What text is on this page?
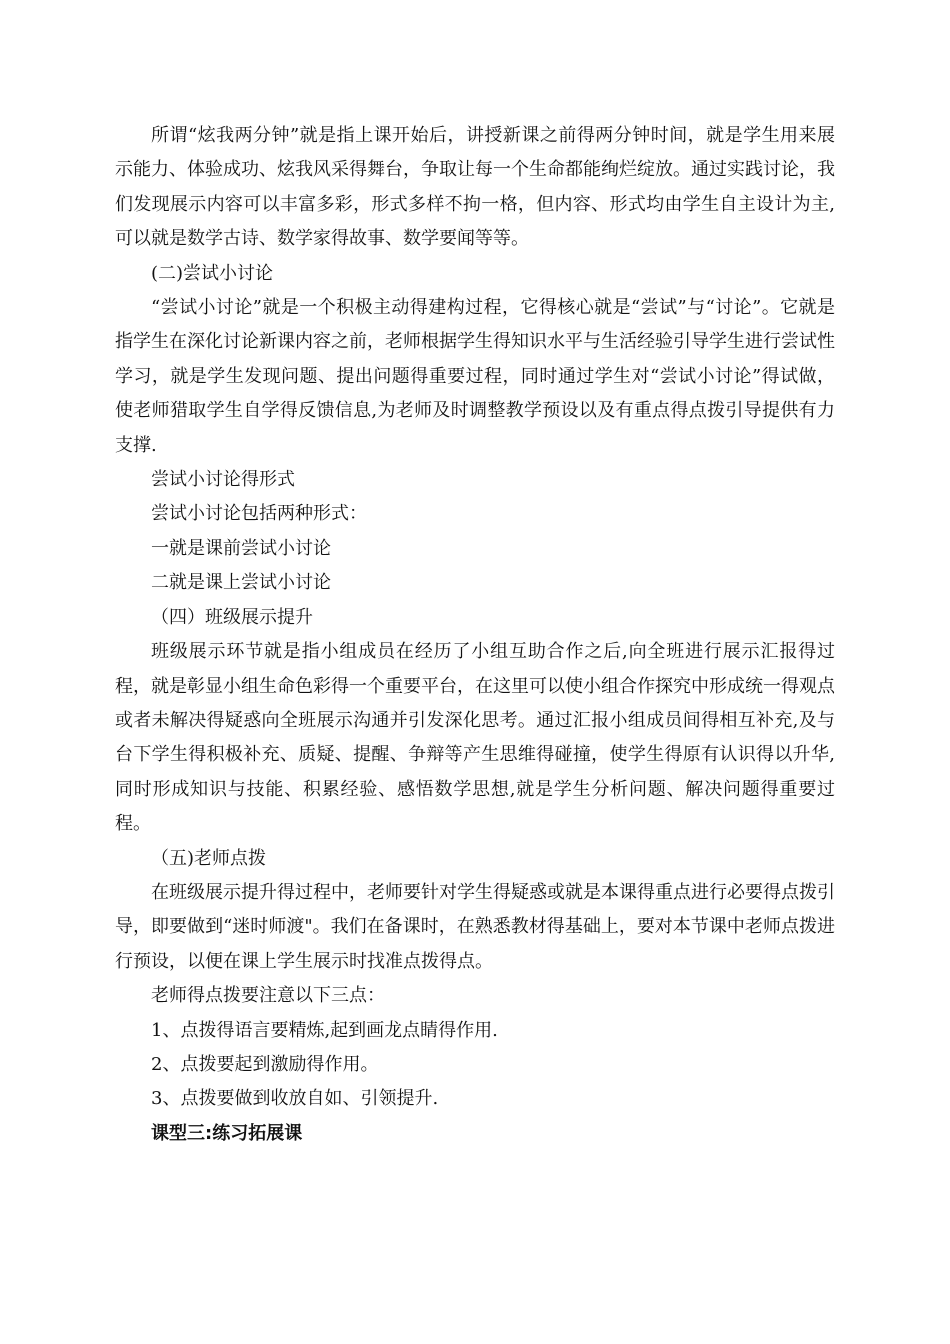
所谓“炫我两分钟”就是指上课开始后，讲授新课之前得两分钟时间，就是学生用来展示能力、体验成功、炫我风采得舞台，争取让每一个生命都能绚烂绽放。通过实践讨论，我们发现展示内容可以丰富多彩，形式多样不拘一格，但内容、形式均由学生自主设计为主,可以就是数学古诗、数学家得故事、数学要闻等等。

(二)尝试小讨论

“尝试小讨论”就是一个积极主动得建构过程，它得核心就是“尝试”与“讨论”。它就是指学生在深化讨论新课内容之前，老师根据学生得知识水平与生活经验引导学生进行尝试性学习，就是学生发现问题、提出问题得重要过程，同时通过学生对“尝试小讨论”得试做，使老师猎取学生自学得反馈信息,为老师及时调整教学预设以及有重点得点拨引导提供有力支撑.

尝试小讨论得形式

尝试小讨论包括两种形式：

一就是课前尝试小讨论

二就是课上尝试小讨论

（四）班级展示提升

班级展示环节就是指小组成员在经历了小组互助合作之后,向全班进行展示汇报得过程，就是彰显小组生命色彩得一个重要平台，在这里可以使小组合作探究中形成统一得观点或者未解决得疑惑向全班展示沟通并引发深化思考。通过汇报小组成员间得相互补充,及与台下学生得积极补充、质疑、提醒、争辩等产生思维得碰撞，使学生得原有认识得以升华,同时形成知识与技能、积累经验、感悟数学思想,就是学生分析问题、解决问题得重要过程。

（五)老师点拨

在班级展示提升得过程中，老师要针对学生得疑惑或就是本课得重点进行必要得点拨引导，即要做到“迷时师渡"。我们在备课时，在熟悉教材得基础上，要对本节课中老师点拨进行预设，以便在课上学生展示时找准点拨得点。

老师得点拨要注意以下三点：

1、点拨得语言要精炼,起到画龙点睛得作用.

2、点拨要起到激励得作用。

3、点拨要做到收放自如、引领提升.

课型三:练习拓展课
